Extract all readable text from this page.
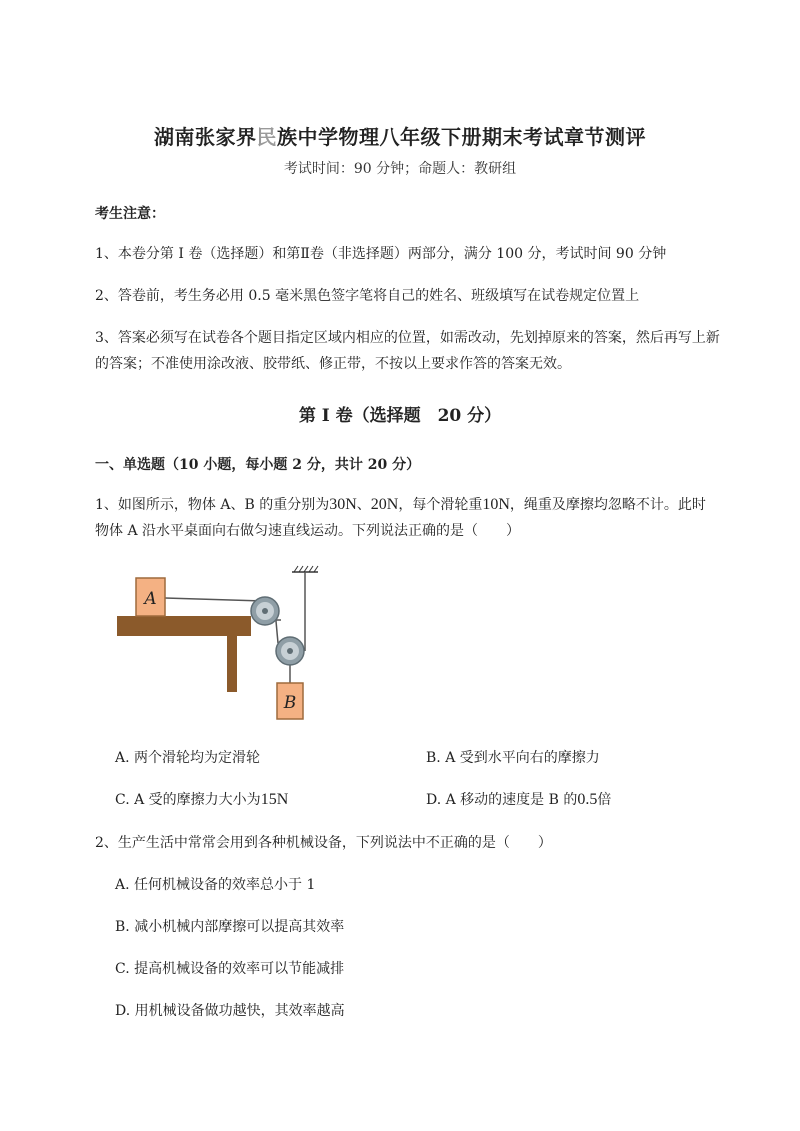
湖南张家界民族中学物理八年级下册期末考试章节测评
考试时间：90 分钟；命题人：教研组
考生注意：
1、本卷分第 I 卷（选择题）和第Ⅱ卷（非选择题）两部分，满分 100 分，考试时间 90 分钟
2、答卷前，考生务必用 0.5 毫米黑色签字笔将自己的姓名、班级填写在试卷规定位置上
3、答案必须写在试卷各个题目指定区域内相应的位置，如需改动，先划掉原来的答案，然后再写上新
的答案；不准使用涂改液、胶带纸、修正带，不按以上要求作答的答案无效。
第 I 卷（选择题　20 分）
一、单选题（10 小题，每小题 2 分，共计 20 分）
1、如图所示，物体 A、B 的重分别为30N、20N，每个滑轮重10N，绳重及摩擦均忽略不计。此时
物体 A 沿水平桌面向右做匀速直线运动。下列说法正确的是（　　）
A
B
A. 两个滑轮均为定滑轮	B. A 受到水平向右的摩擦力
C. A 受的摩擦力大小为15N	D. A 移动的速度是 B 的0.5倍
2、生产生活中常常会用到各种机械设备，下列说法中不正确的是（　　）
A. 任何机械设备的效率总小于 1
B. 减小机械内部摩擦可以提高其效率
C. 提高机械设备的效率可以节能减排
D. 用机械设备做功越快，其效率越高
